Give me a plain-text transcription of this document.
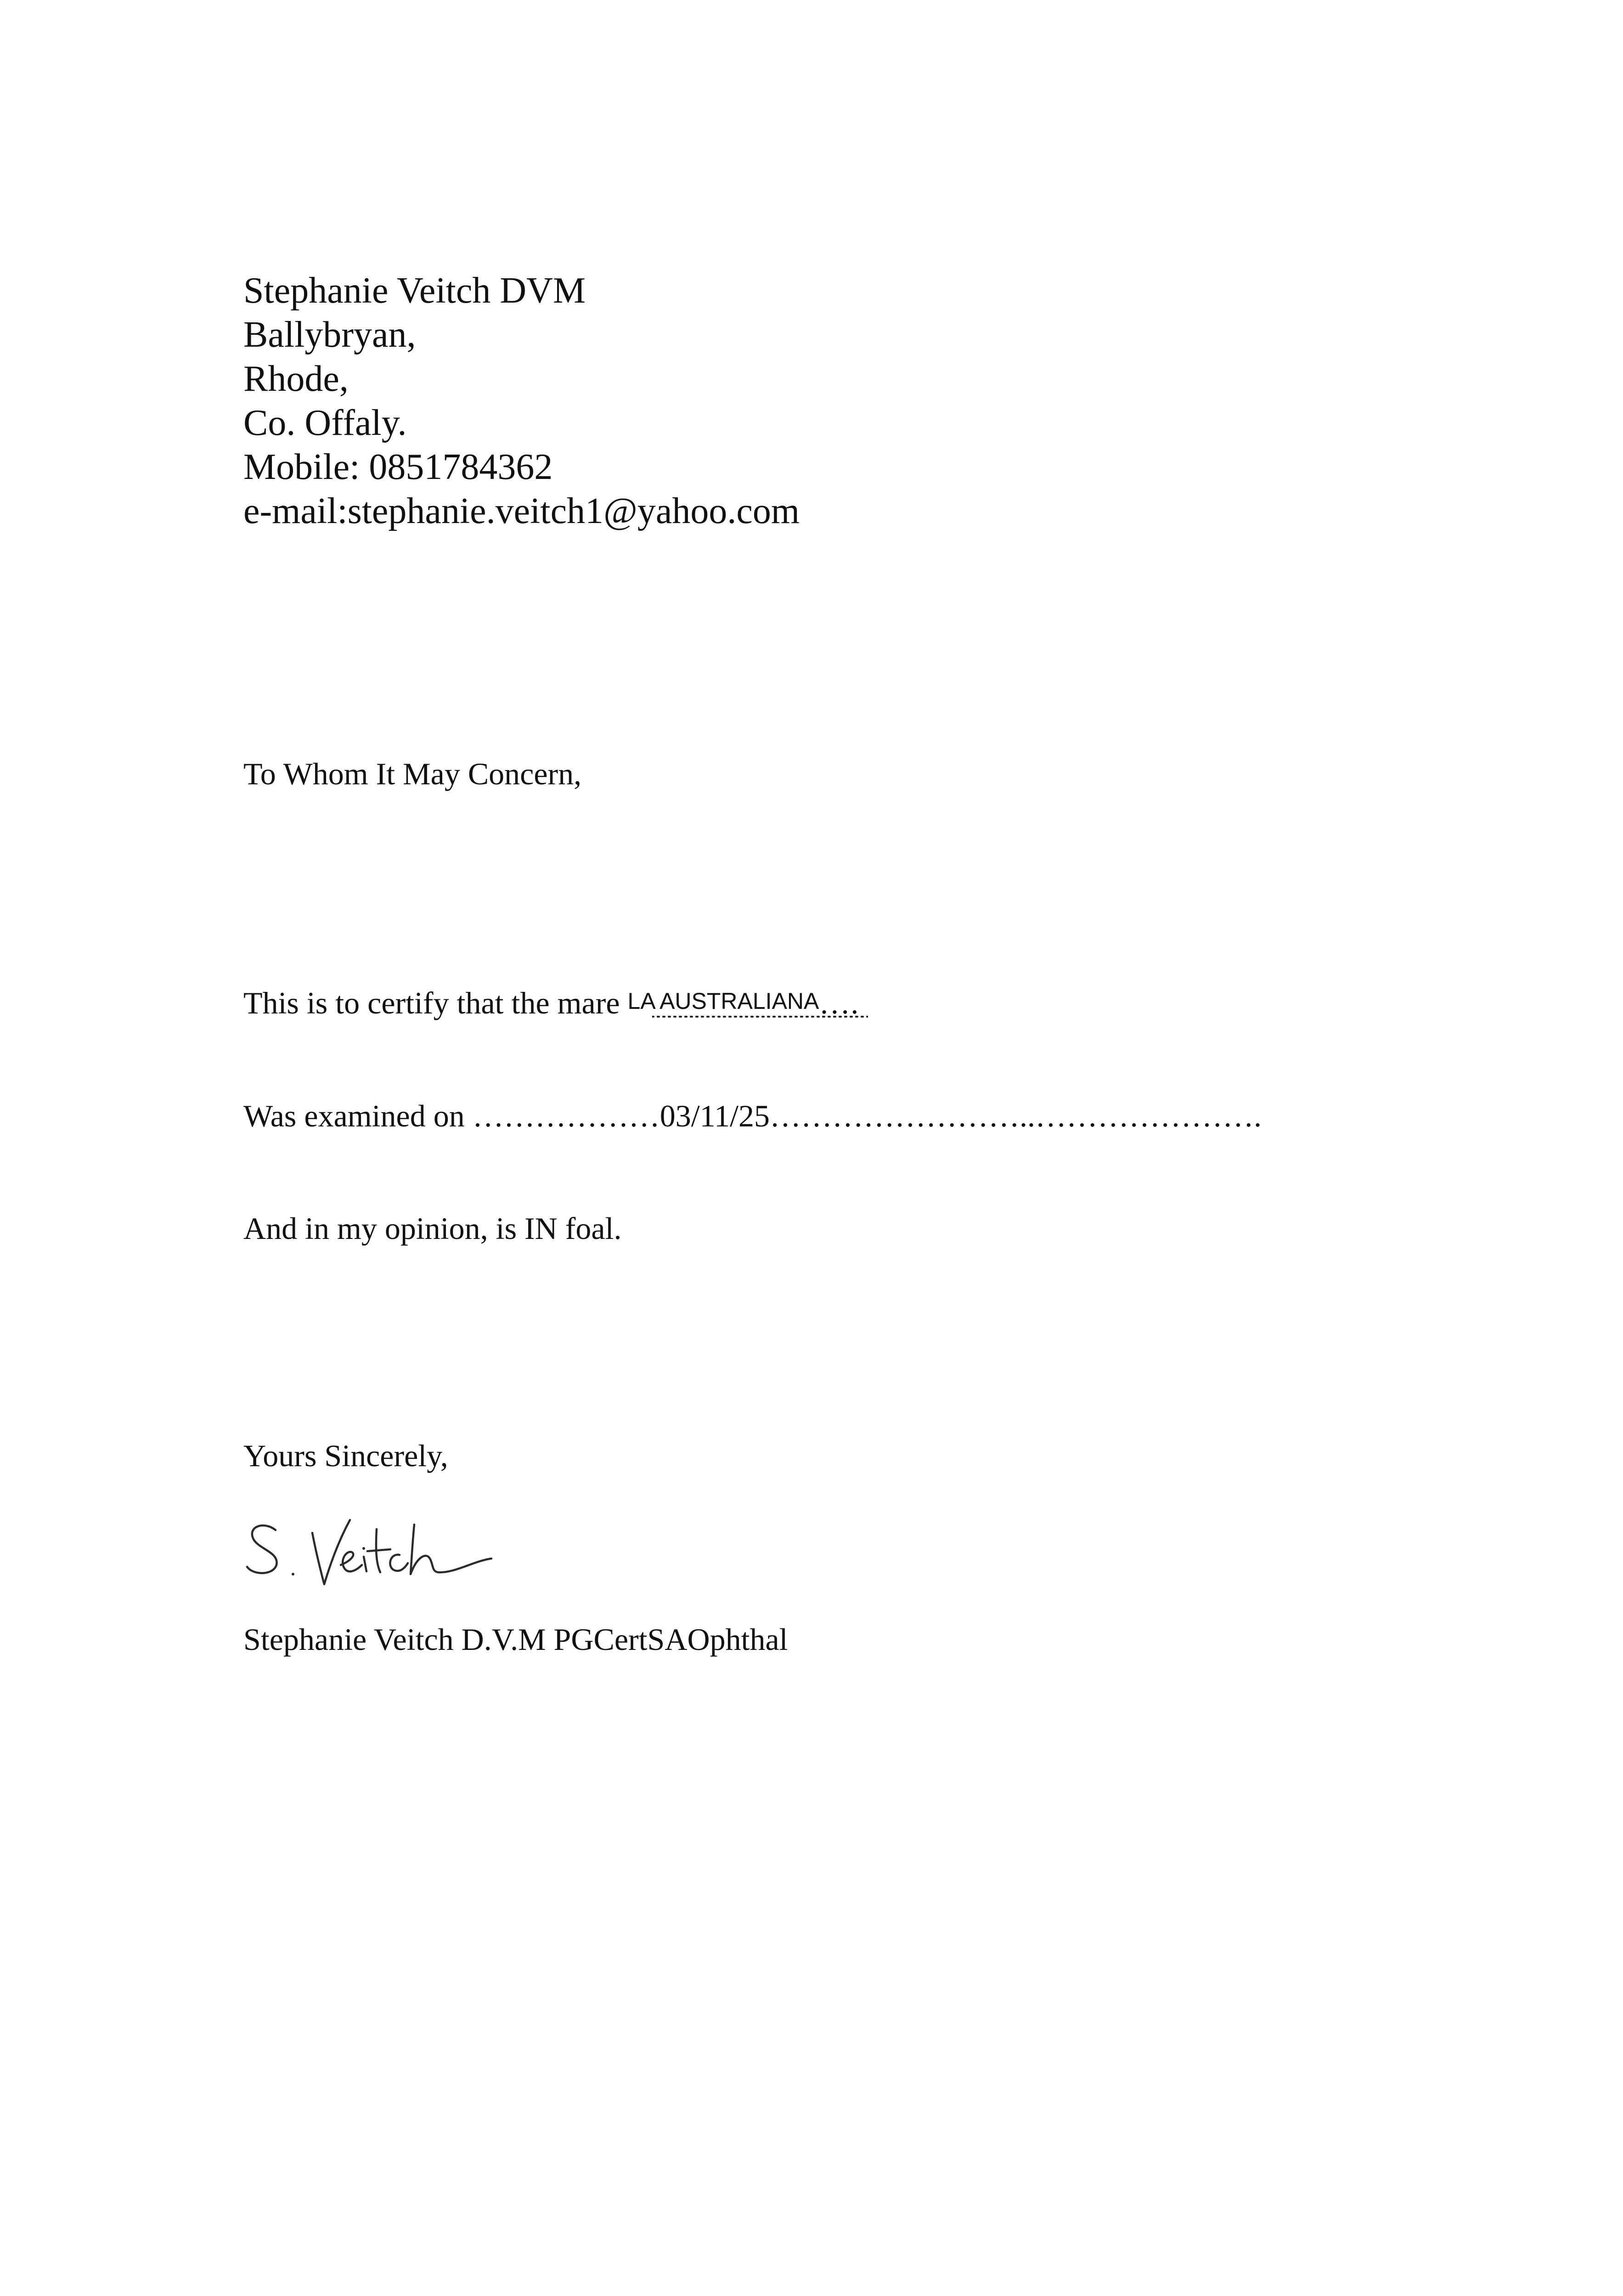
Stephanie Veitch DVM
Ballybryan,
Rhode,
Co. Offaly.
Mobile: 0851784362
e-mail:stephanie.veitch1@yahoo.com
To Whom It May Concern,
This is to certify that the mare LA AUSTRALIANA….
Was examined on ………………03/11/25……………………..………………….
And in my opinion, is IN foal.
Yours Sincerely,
Stephanie Veitch D.V.M PGCertSAOphthal
